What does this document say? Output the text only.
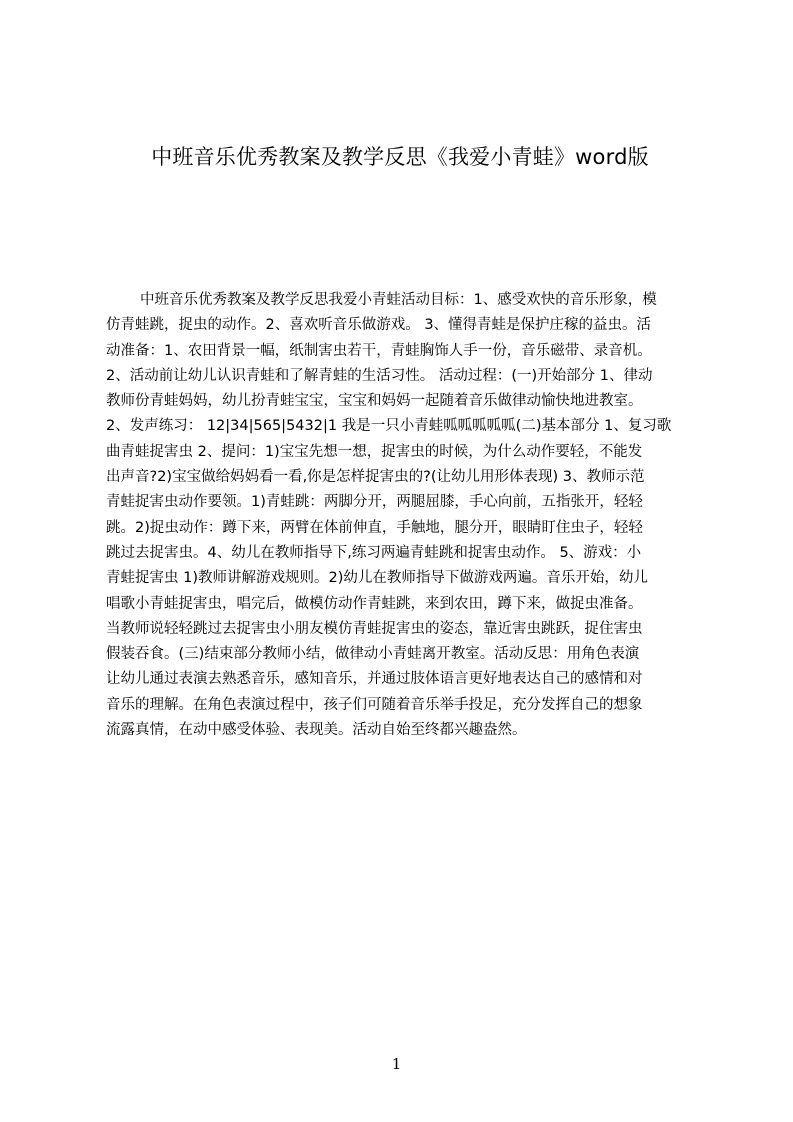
中班音乐优秀教案及教学反思《我爱小青蛙》word版
中班音乐优秀教案及教学反思我爱小青蛙活动目标：1、感受欢快的音乐形象，模
仿青蛙跳，捉虫的动作。2、喜欢听音乐做游戏。 3、懂得青蛙是保护庄稼的益虫。活
动准备：1、农田背景一幅，纸制害虫若干，青蛙胸饰人手一份，音乐磁带、录音机。
2、活动前让幼儿认识青蛙和了解青蛙的生活习性。 活动过程：(一)开始部分 1、律动
教师份青蛙妈妈，幼儿扮青蛙宝宝，宝宝和妈妈一起随着音乐做律动愉快地进教室。
2、发声练习： 12|34|565|5432|1 我是一只小青蛙呱呱呱呱呱(二)基本部分 1、复习歌
曲青蛙捉害虫 2、提问：1)宝宝先想一想，捉害虫的时候，为什么动作要轻，不能发
出声音?2)宝宝做给妈妈看一看,你是怎样捉害虫的?(让幼儿用形体表现) 3、教师示范
青蛙捉害虫动作要领。1)青蛙跳：两脚分开，两腿屈膝，手心向前，五指张开，轻轻
跳。2)捉虫动作：蹲下来，两臂在体前伸直，手触地，腿分开，眼睛盯住虫子，轻轻
跳过去捉害虫。4、幼儿在教师指导下,练习两遍青蛙跳和捉害虫动作。 5、游戏：小
青蛙捉害虫 1)教师讲解游戏规则。2)幼儿在教师指导下做游戏两遍。音乐开始，幼儿
唱歌小青蛙捉害虫，唱完后，做模仿动作青蛙跳，来到农田，蹲下来，做捉虫准备。
当教师说轻轻跳过去捉害虫小朋友模仿青蛙捉害虫的姿态，靠近害虫跳跃，捉住害虫
假装吞食。(三)结束部分教师小结，做律动小青蛙离开教室。活动反思：用角色表演
让幼儿通过表演去熟悉音乐，感知音乐，并通过肢体语言更好地表达自己的感情和对
音乐的理解。在角色表演过程中，孩子们可随着音乐举手投足，充分发挥自己的想象
流露真情，在动中感受体验、表现美。活动自始至终都兴趣盎然。
1
